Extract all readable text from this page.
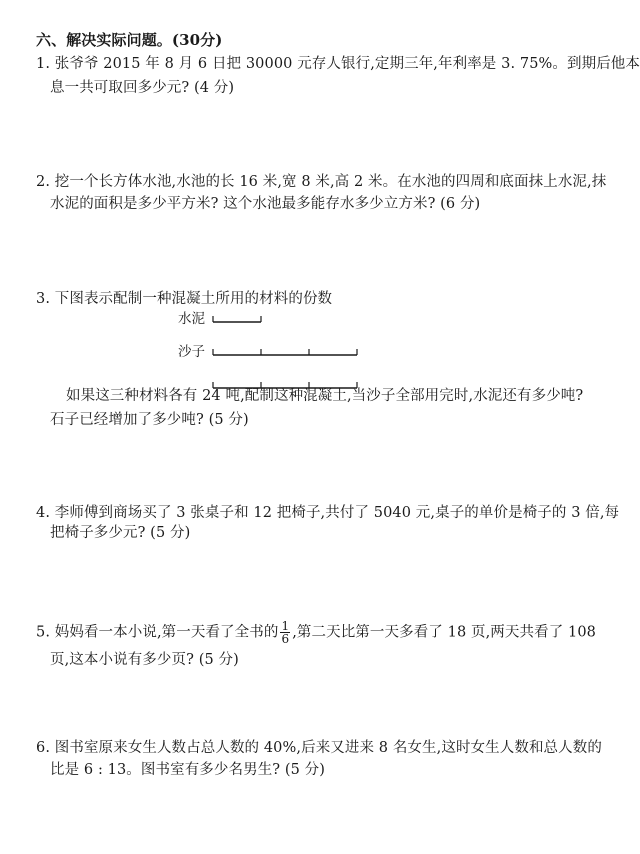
六、解决实际问题。(30分)
1. 张爷爷 2015 年 8 月 6 日把 30000 元存人银行,定期三年,年利率是 3. 75%。到期后他本
息一共可取回多少元? (4 分)
2. 挖一个长方体水池,水池的长 16 米,宽 8 米,高 2 米。在水池的四周和底面抹上水泥,抹
水泥的面积是多少平方米? 这个水池最多能存水多少立方米? (6 分)
3. 下图表示配制一种混凝土所用的材料的份数
水泥
沙子
如果这三种材料各有 24 吨,配制这种混凝土,当沙子全部用完时,水泥还有多少吨?
石子已经增加了多少吨? (5 分)
4. 李师傅到商场买了 3 张桌子和 12 把椅子,共付了 5040 元,桌子的单价是椅子的 3 倍,每
把椅子多少元? (5 分)
5. 妈妈看一本小说,第一天看了全书的 $\frac{1}{6}$ ,第二天比第一天多看了 18 页,两天共看了 108
页,这本小说有多少页? (5 分)
6. 图书室原来女生人数占总人数的 40%,后来又进来 8 名女生,这时女生人数和总人数的
比是 6 : 13。图书室有多少名男生? (5 分)
